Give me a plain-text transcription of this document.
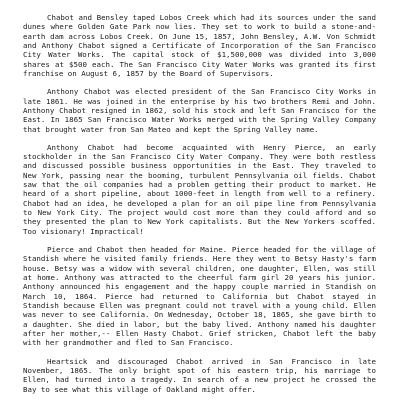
Chabot and Bensley taped Lobos Creek which had its sources under the sand dunes where Golden Gate Park now lies. They set to work to build a stone-and-earth dam across Lobos Creek. On June 15, 1857, John Bensley, A.W. Von Schmidt and Anthony Chabot signed a Certificate of Incorporation of the San Francisco City Water Works. The capital stock of $1,500,000 was divided into 3,000 shares at $500 each. The San Francisco City Water Works was granted its first franchise on August 6, 1857 by the Board of Supervisors.

Anthony Chabot was elected president of the San Francisco City Works in late 1861. He was joined in the enterprise by his two brothers Remi and John. Anthony Chabot resigned in 1862, sold his stock and left San Francisco for the East. In 1865 San Francisco Water Works merged with the Spring Valley Company that brought water from San Mateo and kept the Spring Valley name.

Anthony Chabot had become acquainted with Henry Pierce, an early stockholder in the San Francisco City Water Company. They were both restless and discussed possible business opportunities in the East. They traveled to New York, passing near the booming, turbulent Pennsylvania oil fields. Chabot saw that the oil companies had a problem getting their product to market. He heard of a short pipeline, about 1000-feet in length from well to a refinery. Chabot had an idea, he developed a plan for an oil pipe line from Pennsylvania to New York City. The project would cost more than they could afford and so they presented the plan to New York capitalists. But the New Yorkers scoffed. Too visionary! Impractical!

Pierce and Chabot then headed for Maine. Pierce headed for the village of Standish where he visited family friends. Here they went to Betsy Hasty's farm house. Betsy was a widow with several children, one daughter, Ellen, was still at home. Anthony was attracted to the cheerful farm girl 20 years his junior. Anthony announced his engagement and the happy couple married in Standish on March 10, 1864. Pierce had returned to California but Chabot stayed in Standish because Ellen was pregnant could not travel with a young child. Ellen was never to see California. On Wednesday, October 18, 1865, she gave birth to a daughter. She died in labor, but the baby lived. Anthony named his daughter after her mother,-- Ellen Hasty Chabot. Grief stricken, Chabot left the baby with her grandmother and fled to San Francisco.

Heartsick and discouraged Chabot arrived in San Francisco in late November, 1865. The only bright spot of his eastern trip, his marriage to Ellen, had turned into a tragedy. In search of a new project he crossed the Bay to see what this village of Oakland might offer.
